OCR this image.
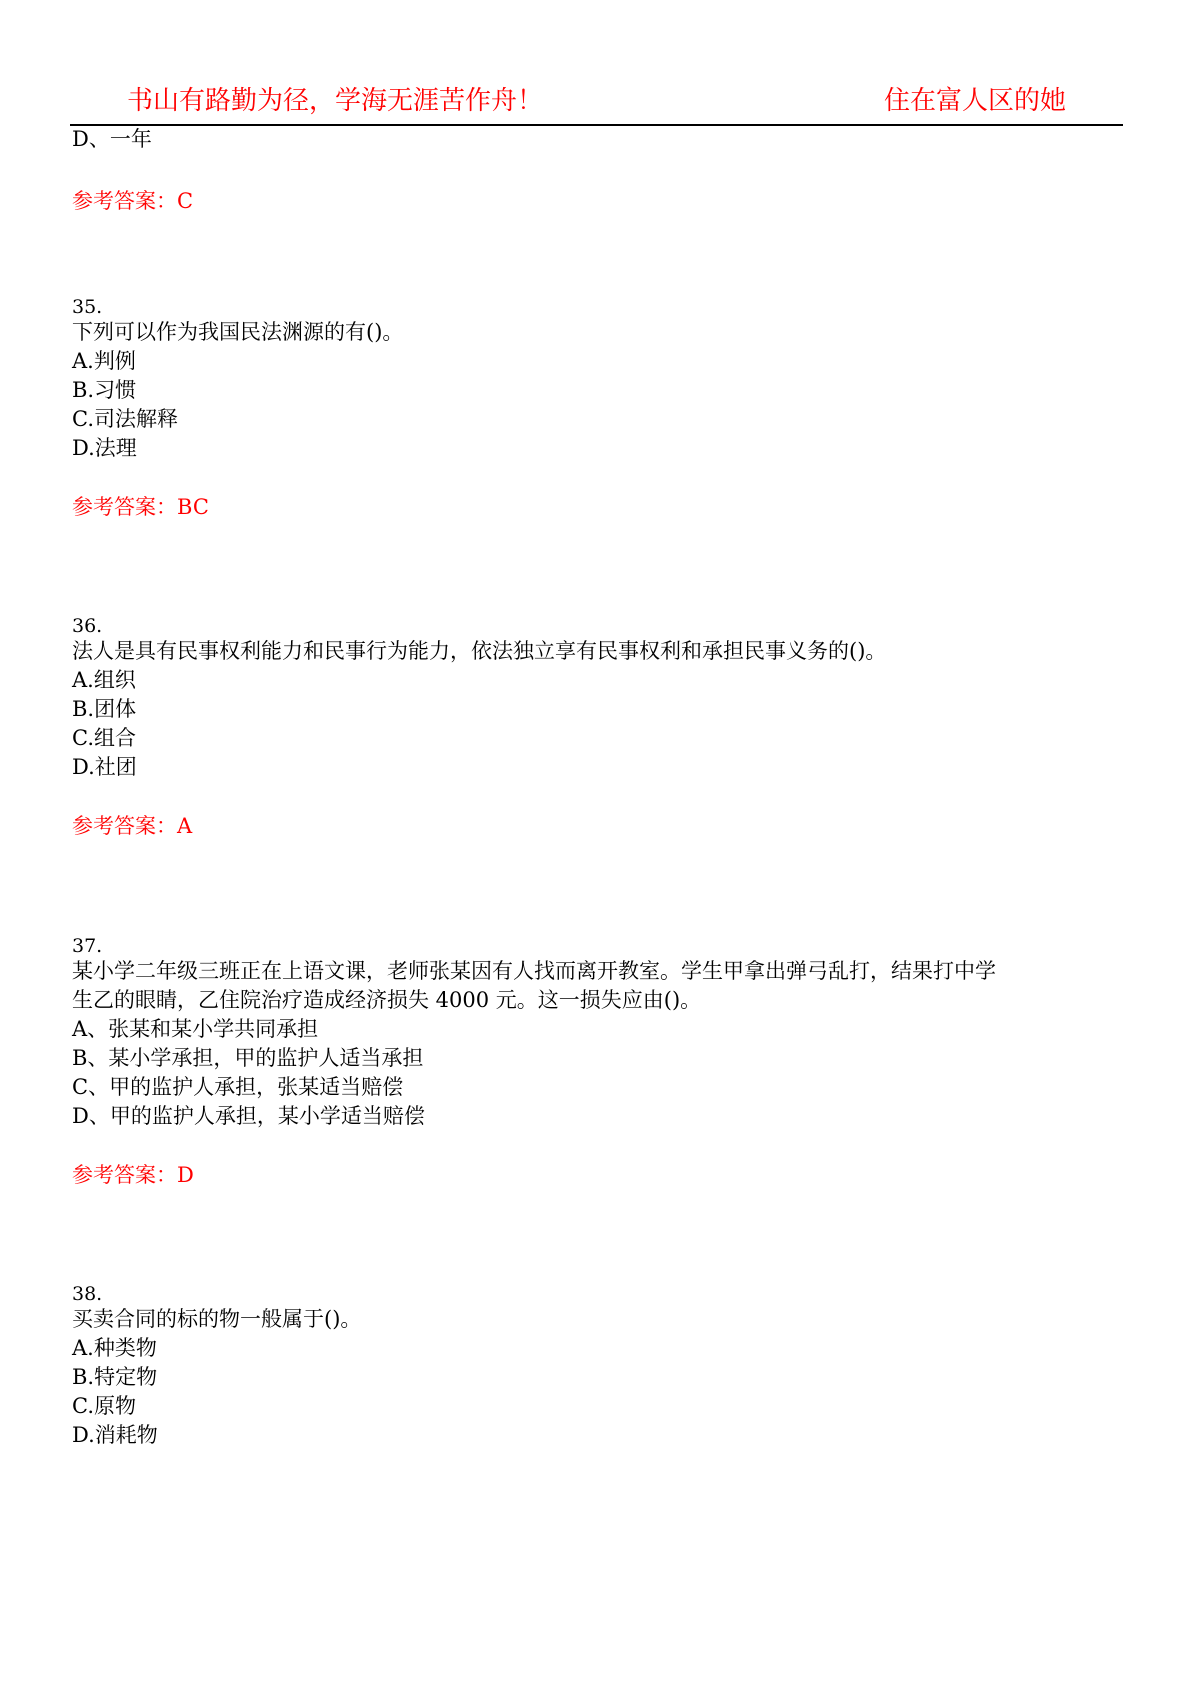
书山有路勤为径，学海无涯苦作舟！	住在富人区的她
D、一年
参考答案：C
35.
下列可以作为我国民法渊源的有()。
A.判例
B.习惯
C.司法解释
D.法理
参考答案：BC
36.
法人是具有民事权利能力和民事行为能力，依法独立享有民事权利和承担民事义务的()。
A.组织
B.团体
C.组合
D.社团
参考答案：A
37.
某小学二年级三班正在上语文课，老师张某因有人找而离开教室。学生甲拿出弹弓乱打，结果打中学
生乙的眼睛，乙住院治疗造成经济损失 4000 元。这一损失应由()。
A、张某和某小学共同承担
B、某小学承担，甲的监护人适当承担
C、甲的监护人承担，张某适当赔偿
D、甲的监护人承担，某小学适当赔偿
参考答案：D
38.
买卖合同的标的物一般属于()。
A.种类物
B.特定物
C.原物
D.消耗物
